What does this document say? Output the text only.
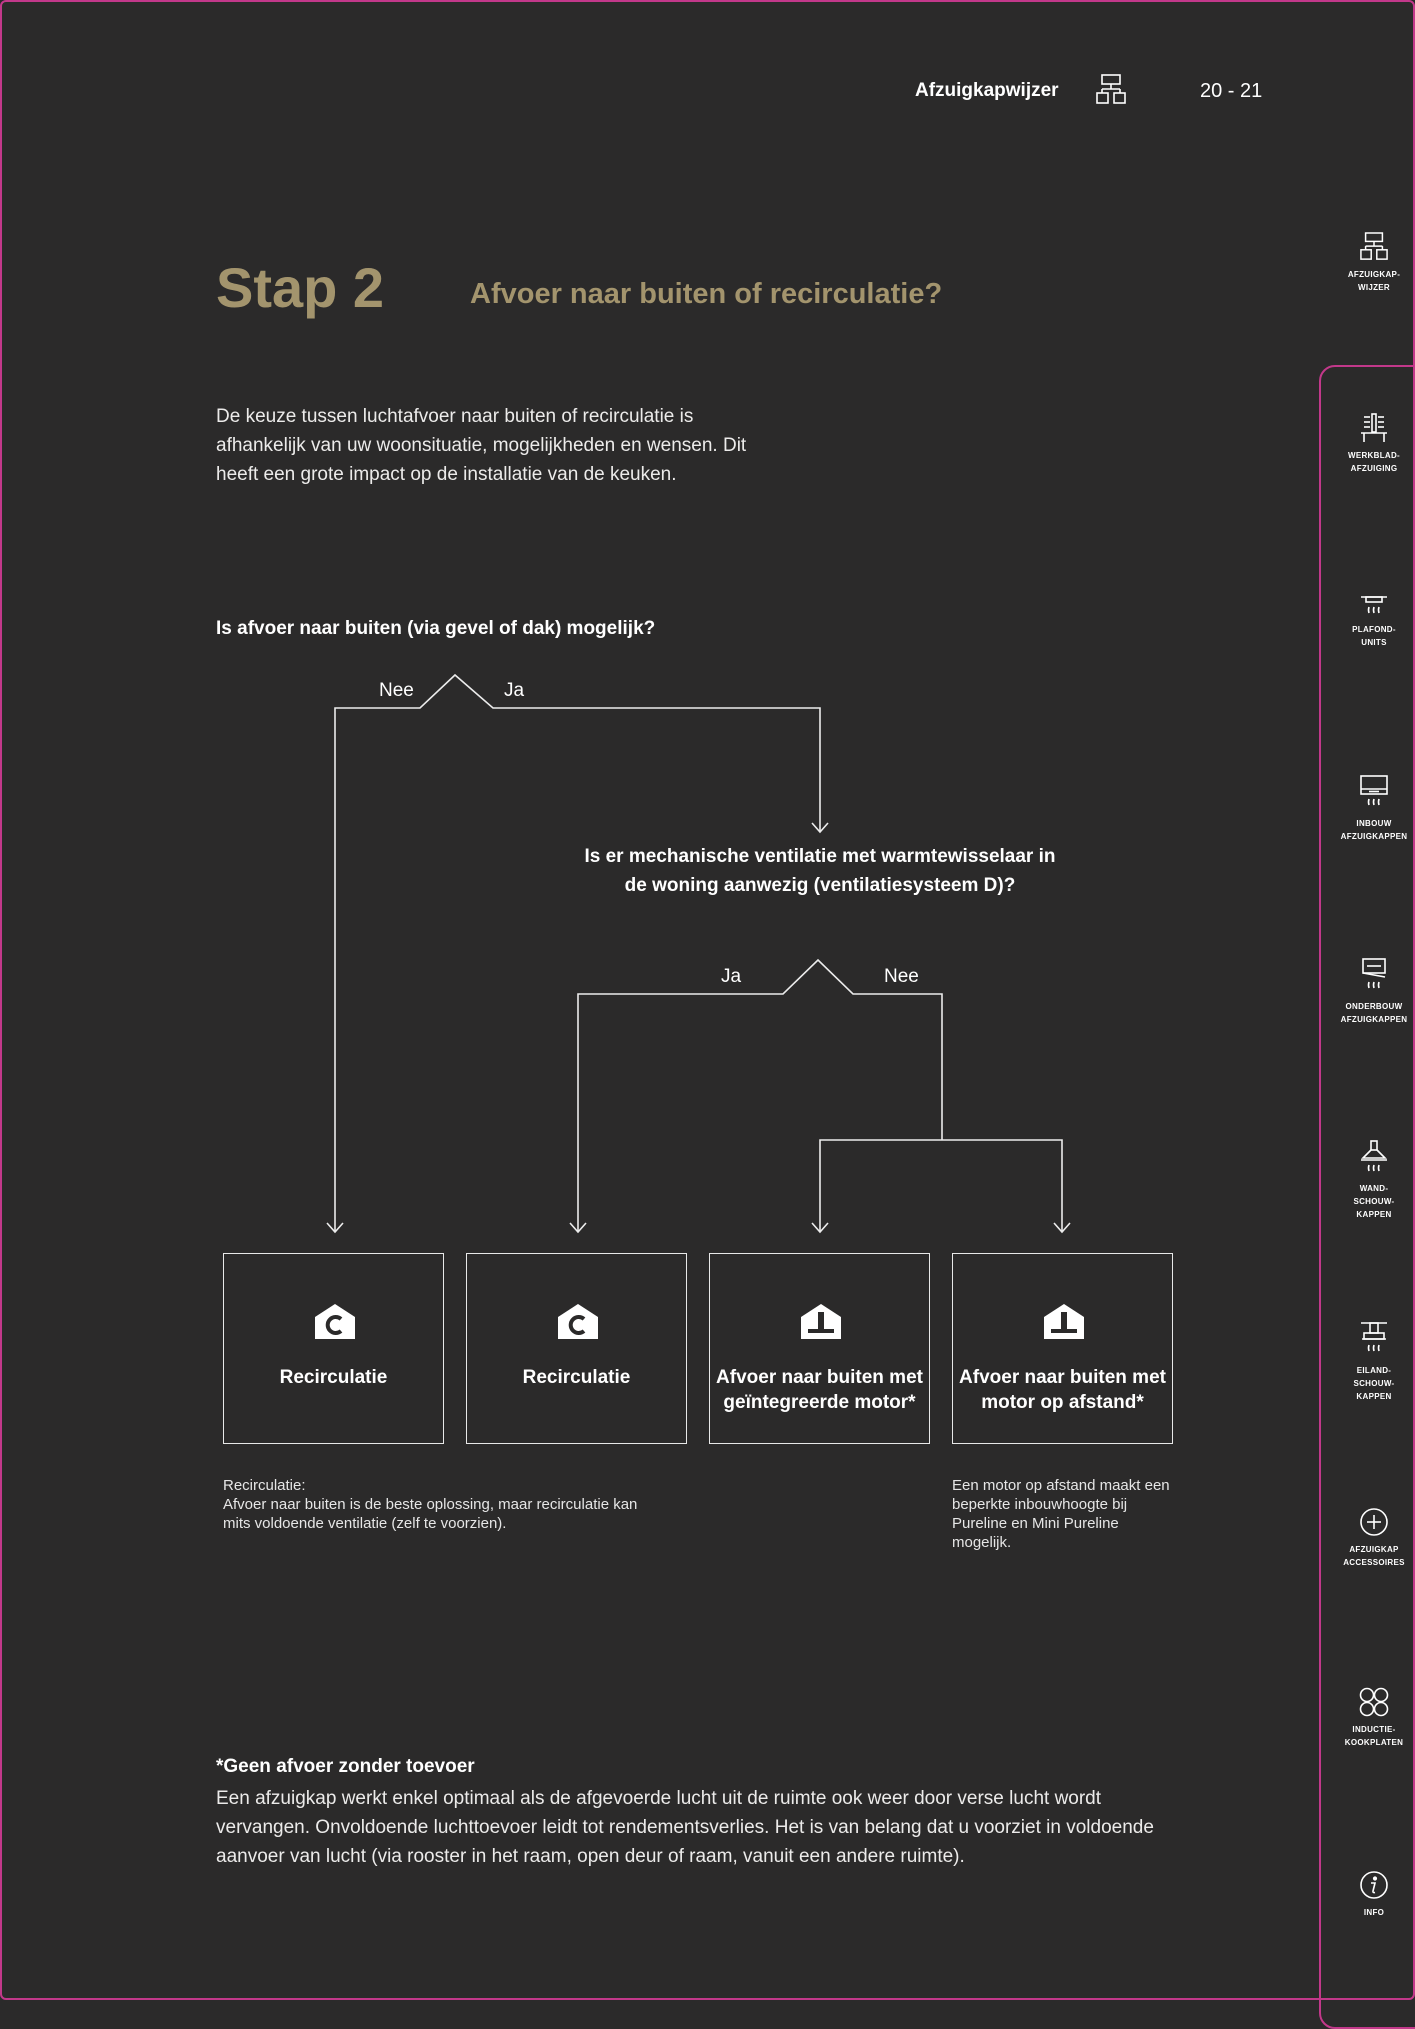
Afzuigkapwijzer	20 - 21
Stap 2	Afvoer naar buiten of recirculatie?
De keuze tussen luchtafvoer naar buiten of recirculatie is afhankelijk van uw woonsituatie, mogelijkheden en wensen. Dit heeft een grote impact op de installatie van de keuken.
Is afvoer naar buiten (via gevel of dak) mogelijk?
Nee	Ja
Is er mechanische ventilatie met warmtewisselaar in de woning aanwezig (ventilatiesysteem D)?
Ja	Nee
Recirculatie	Recirculatie	Afvoer naar buiten met geïntegreerde motor*
Afvoer naar buiten met motor op afstand*
Recirculatie:
Afvoer naar buiten is de beste oplossing, maar recirculatie kan mits voldoende ventilatie (zelf te voorzien).
Een motor op afstand maakt een beperkte inbouwhoogte bij Pureline en Mini Pureline mogelijk.
*Geen afvoer zonder toevoer
Een afzuigkap werkt enkel optimaal als de afgevoerde lucht uit de ruimte ook weer door verse lucht wordt vervangen. Onvoldoende luchttoevoer leidt tot rendementsverlies. Het is van belang dat u voorziet in voldoende aanvoer van lucht (via rooster in het raam, open deur of raam, vanuit een andere ruimte).
AFZUIGKAP-
WIJZER
WERKBLAD-
AFZUIGING
PLAFOND-
UNITS
INBOUW
AFZUIGKAPPEN
ONDERBOUW
AFZUIGKAPPEN
WAND-
SCHOUW-
KAPPEN
EILAND-
SCHOUW-
KAPPEN
AFZUIGKAP
ACCESSOIRES
INDUCTIE-
KOOKPLATEN
INFO
